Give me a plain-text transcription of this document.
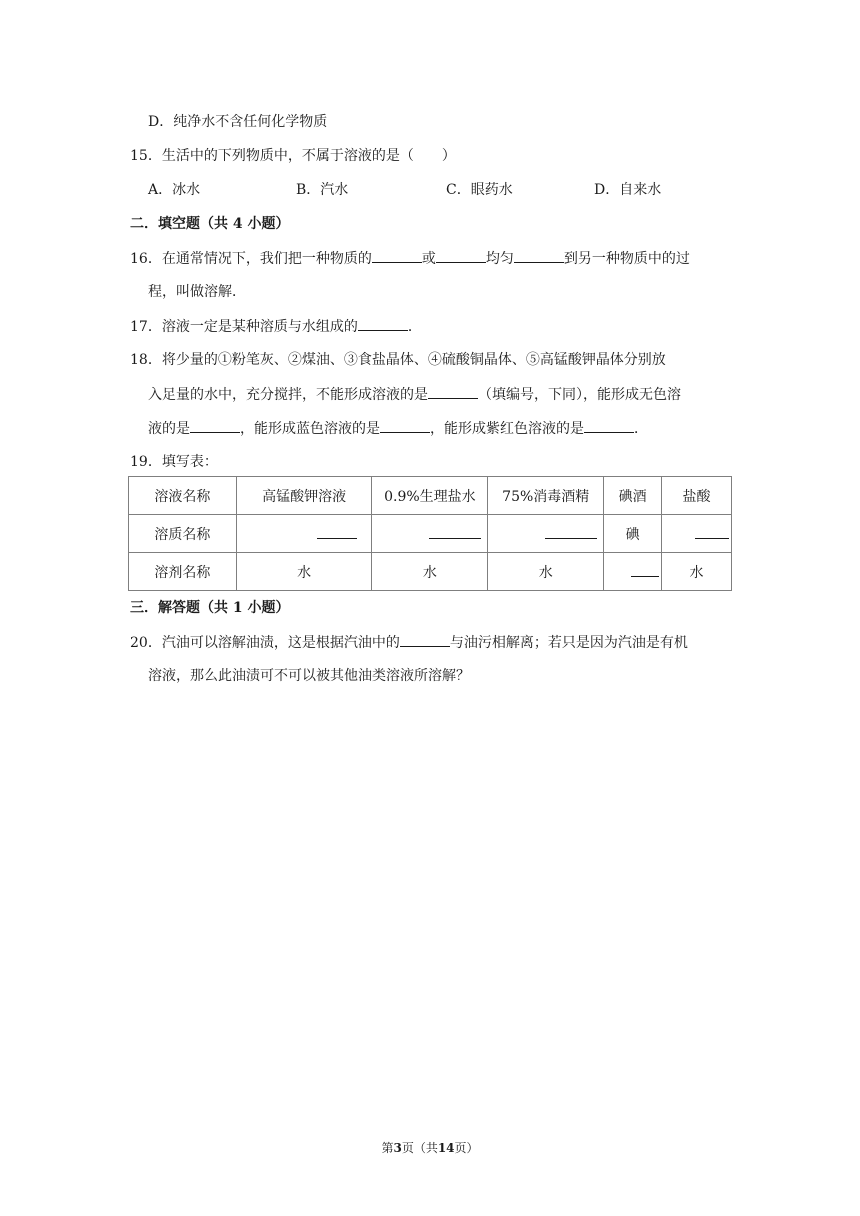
D．纯净水不含任何化学物质
15．生活中的下列物质中，不属于溶液的是（　　）
A．冰水	B．汽水	C．眼药水	D．自来水
二．填空题（共 4 小题）
16．在通常情况下，我们把一种物质的	或	均匀	到另一种物质中的过
程，叫做溶解．
17．溶液一定是某种溶质与水组成的	．
18．将少量的①粉笔灰、②煤油、③食盐晶体、④硫酸铜晶体、⑤高锰酸钾晶体分别放
入足量的水中，充分搅拌，不能形成溶液的是	（填编号，下同），能形成无色溶
液的是	，能形成蓝色溶液的是	，能形成紫红色溶液的是	．
19．填写表：
溶液名称	高锰酸钾溶液	0.9%生理盐水	75%消毒酒精	碘酒	盐酸
溶质名称				碘	
溶剂名称	水	水	水		水
三．解答题（共 1 小题）
20．汽油可以溶解油渍，这是根据汽油中的	与油污相解离；若只是因为汽油是有机
溶液，那么此油渍可不可以被其他油类溶液所溶解？
第3页（共14页）
